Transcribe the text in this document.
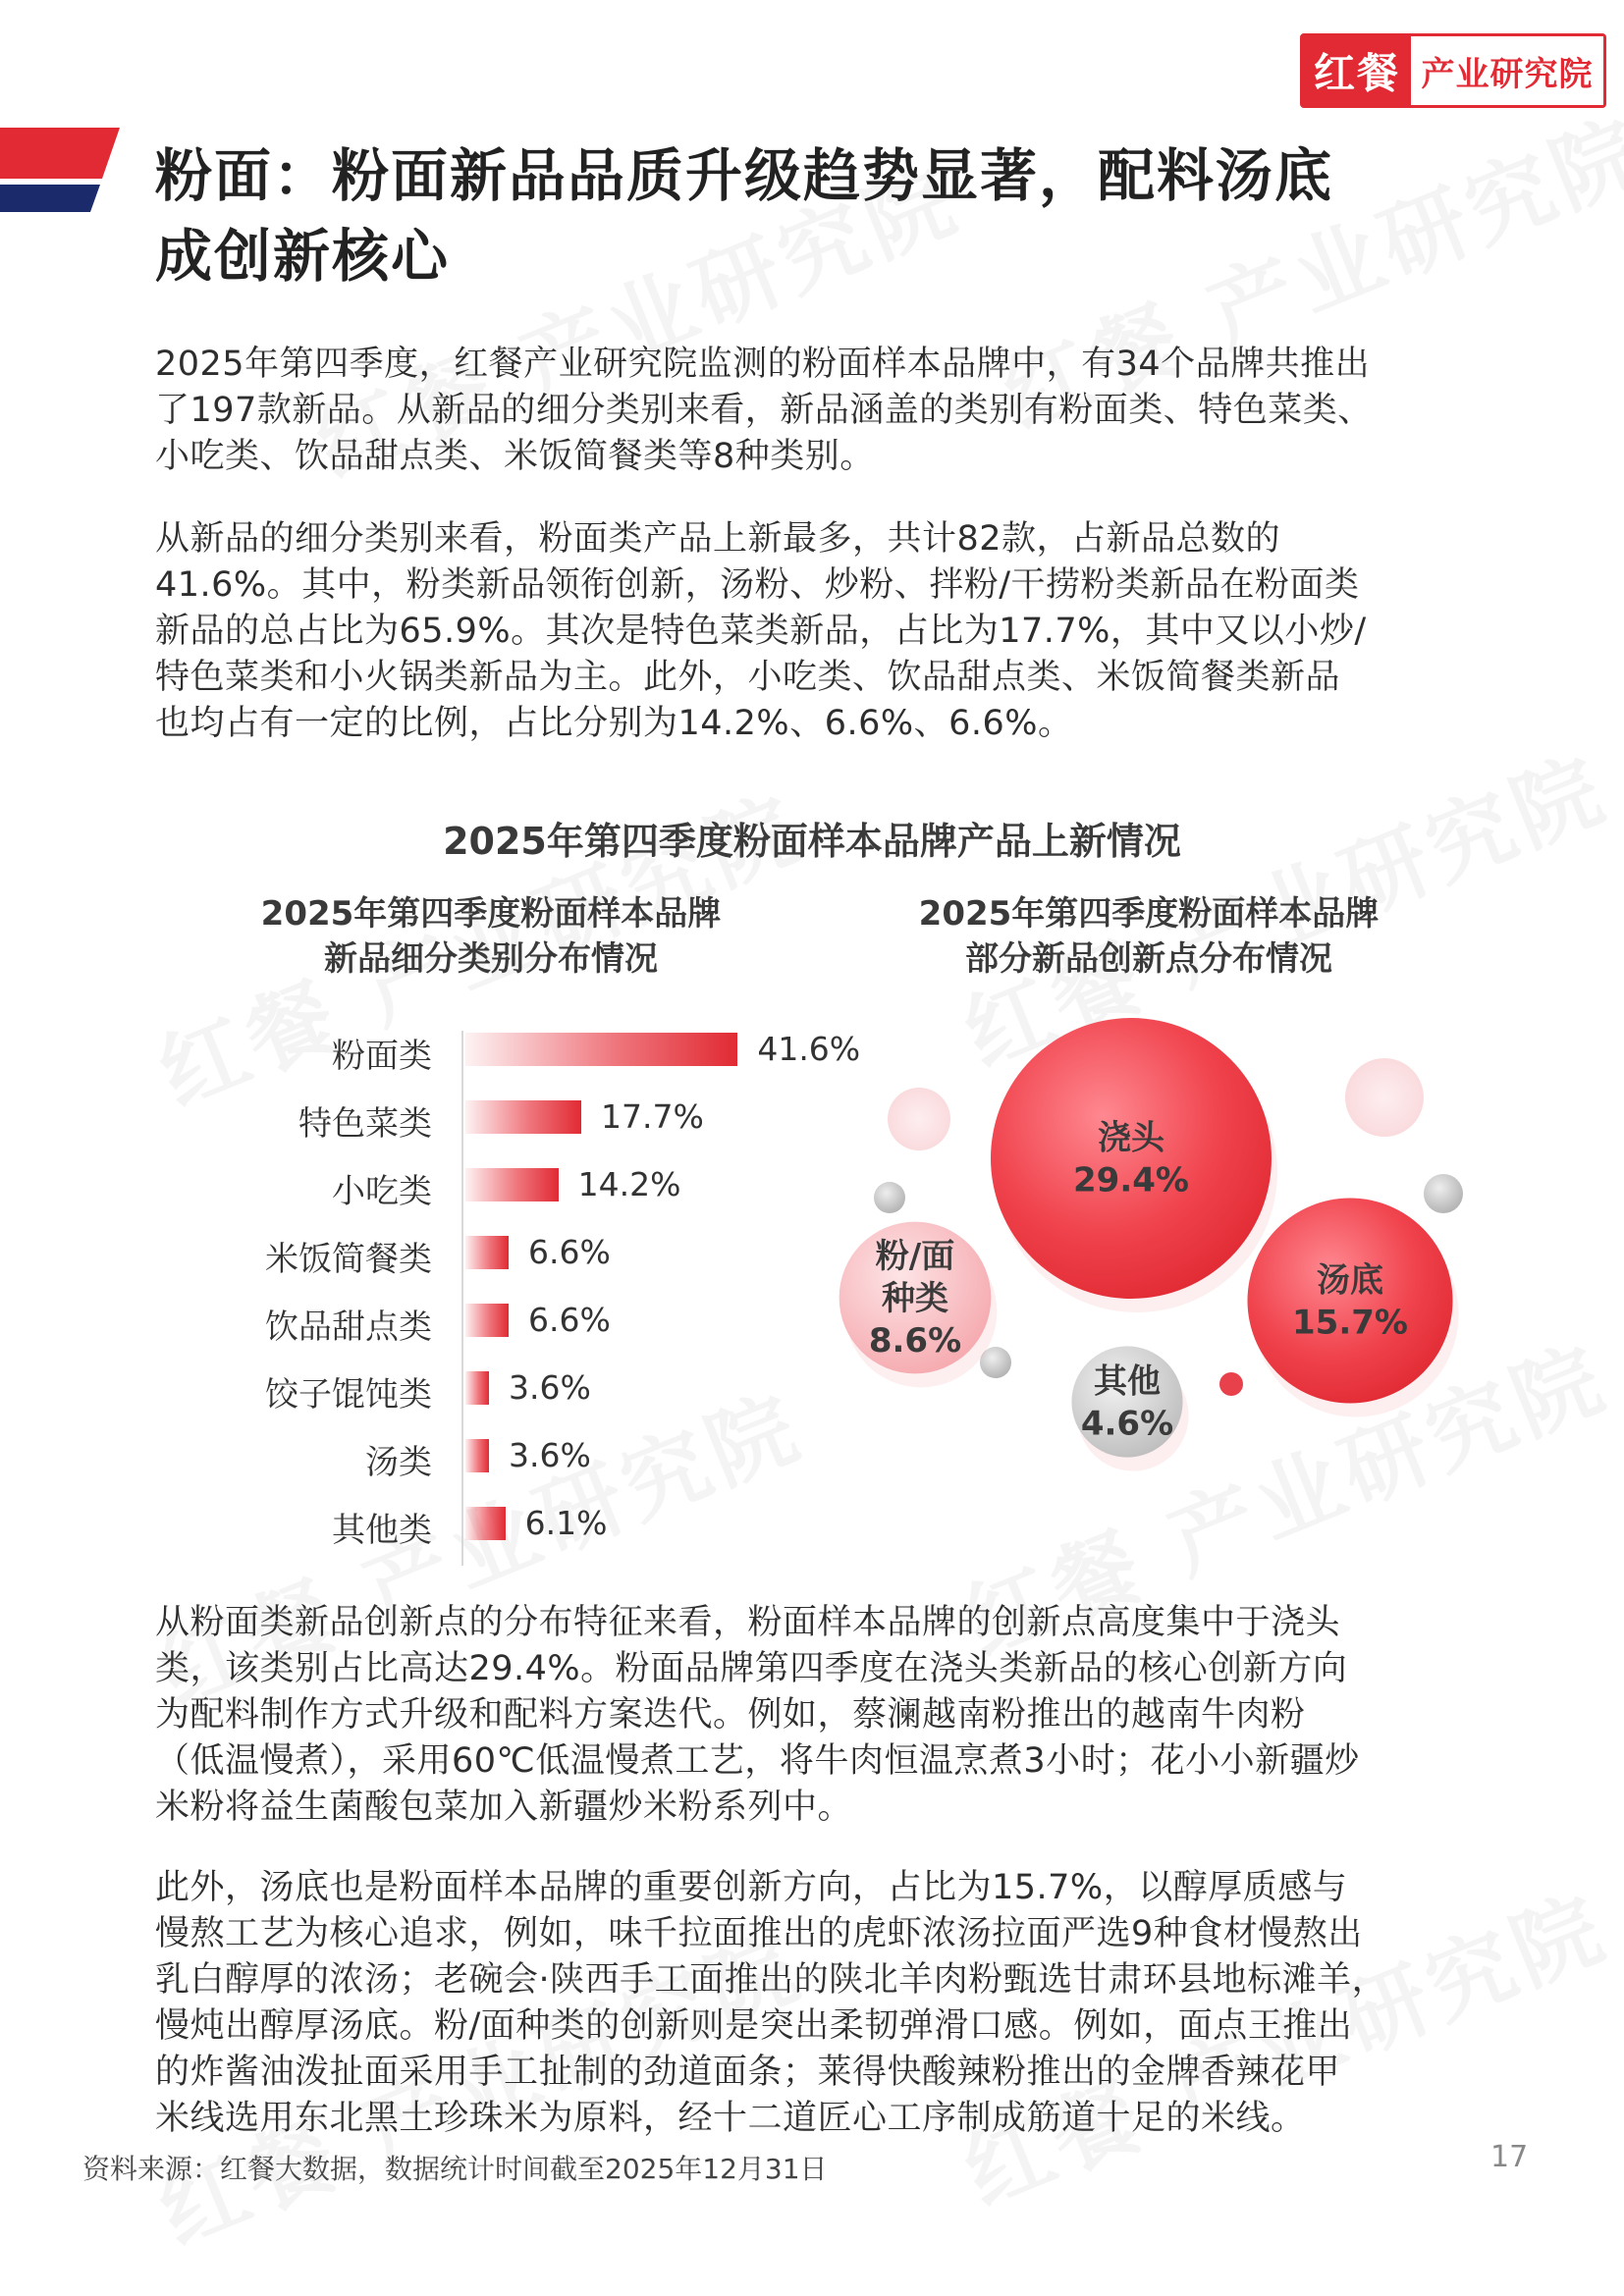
红餐 产业研究院
粉面：粉面新品品质升级趋势显著，配料汤底
成创新核心
2025年第四季度，红餐产业研究院监测的粉面样本品牌中，有34个品牌共推出
了197款新品。从新品的细分类别来看，新品涵盖的类别有粉面类、特色菜类、
小吃类、饮品甜点类、米饭简餐类等8种类别。
从新品的细分类别来看，粉面类产品上新最多，共计82款，占新品总数的
41.6%。其中，粉类新品领衔创新，汤粉、炒粉、拌粉/干捞粉类新品在粉面类
新品的总占比为65.9%。其次是特色菜类新品，占比为17.7%，其中又以小炒/
特色菜类和小火锅类新品为主。此外，小吃类、饮品甜点类、米饭简餐类新品
也均占有一定的比例，占比分别为14.2%、6.6%、6.6%。
2025年第四季度粉面样本品牌产品上新情况
2025年第四季度粉面样本品牌
新品细分类别分布情况
2025年第四季度粉面样本品牌
部分新品创新点分布情况
粉面类	41.6%
特色菜类	17.7%
小吃类	14.2%
米饭简餐类	6.6%
饮品甜点类	6.6%
饺子馄饨类 3.6%
汤类 3.6%
其他类	6.1%
浇头
29.4%
汤底
15.7%
粉/面
种类
8.6%
其他
4.6%
从粉面类新品创新点的分布特征来看，粉面样本品牌的创新点高度集中于浇头
类，该类别占比高达29.4%。粉面品牌第四季度在浇头类新品的核心创新方向
为配料制作方式升级和配料方案迭代。例如，蔡澜越南粉推出的越南牛肉粉
（低温慢煮），采用60℃低温慢煮工艺，将牛肉恒温烹煮3小时；花小小新疆炒
米粉将益生菌酸包菜加入新疆炒米粉系列中。
此外，汤底也是粉面样本品牌的重要创新方向，占比为15.7%，以醇厚质感与
慢熬工艺为核心追求，例如，味千拉面推出的虎虾浓汤拉面严选9种食材慢熬出
乳白醇厚的浓汤；老碗会·陕西手工面推出的陕北羊肉粉甄选甘肃环县地标滩羊，
慢炖出醇厚汤底。粉/面种类的创新则是突出柔韧弹滑口感。例如，面点王推出
的炸酱油泼扯面采用手工扯制的劲道面条；莱得快酸辣粉推出的金牌香辣花甲
米线选用东北黑土珍珠米为原料，经十二道匠心工序制成筋道十足的米线。
资料来源：红餐大数据，数据统计时间截至2025年12月31日	17
